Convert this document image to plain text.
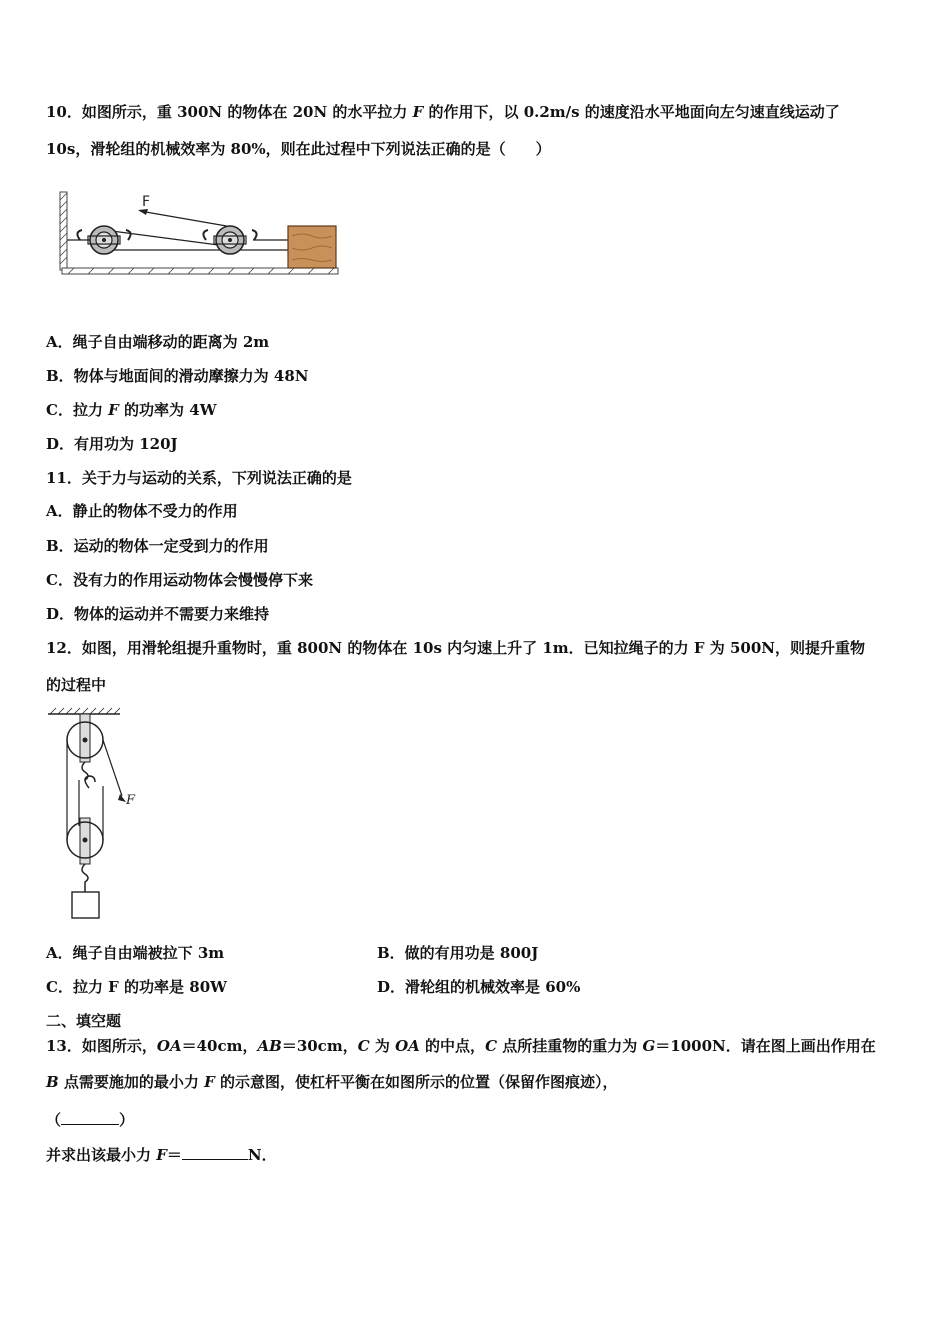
10．如图所示，重 300N 的物体在 20N 的水平拉力 F 的作用下，以 0.2m/s 的速度沿水平地面向左匀速直线运动了
10s，滑轮组的机械效率为 80%，则在此过程中下列说法正确的是（　　）
F
A．绳子自由端移动的距离为 2m
B．物体与地面间的滑动摩擦力为 48N
C．拉力 F 的功率为 4W
D．有用功为 120J
11．关于力与运动的关系，下列说法正确的是
A．静止的物体不受力的作用
B．运动的物体一定受到力的作用
C．没有力的作用运动物体会慢慢停下来
D．物体的运动并不需要力来维持
12．如图，用滑轮组提升重物时，重 800N 的物体在 10s 内匀速上升了 1m．已知拉绳子的力 F 为 500N，则提升重物
的过程中
F
A．绳子自由端被拉下 3m	B．做的有用功是 800J
C．拉力 F 的功率是 80W	D．滑轮组的机械效率是 60%
二、填空题
13．如图所示，OA＝40cm，AB＝30cm，C 为 OA 的中点，C 点所挂重物的重力为 G＝1000N．请在图上画出作用在
B 点需要施加的最小力 F 的示意图，使杠杆平衡在如图所示的位置（保留作图痕迹），
（	）
并求出该最小力 F＝	N．
